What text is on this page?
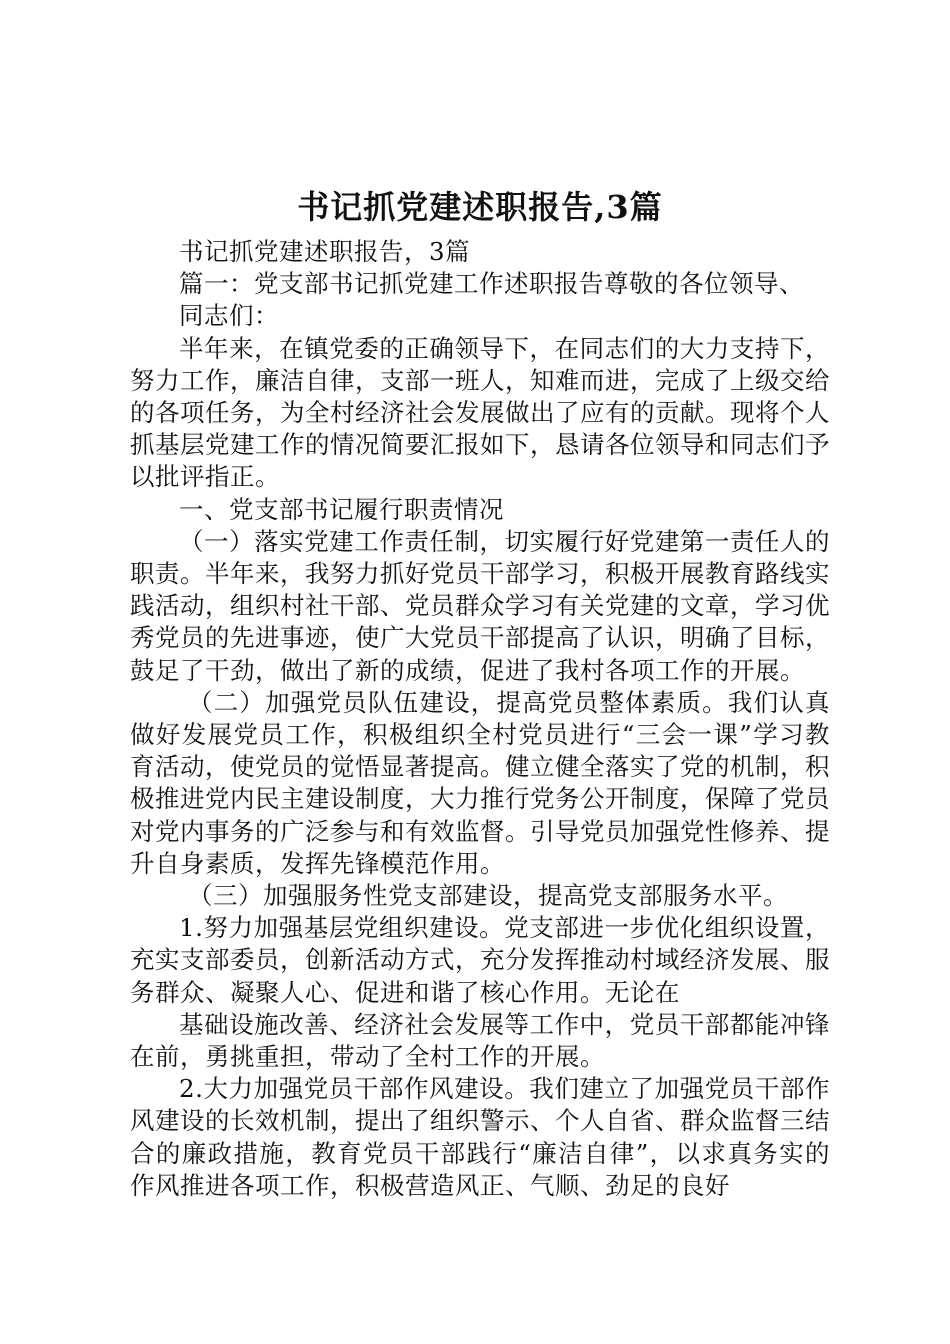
书记抓党建述职报告,3篇

书记抓党建述职报告，3篇

篇一：党支部书记抓党建工作述职报告尊敬的各位领导、

同志们：

半年来，在镇党委的正确领导下，在同志们的大力支持下，努力工作，廉洁自律，支部一班人，知难而进，完成了上级交给的各项任务，为全村经济社会发展做出了应有的贡献。现将个人抓基层党建工作的情况简要汇报如下，恳请各位领导和同志们予以批评指正。

一、党支部书记履行职责情况

（一）落实党建工作责任制，切实履行好党建第一责任人的职责。半年来，我努力抓好党员干部学习，积极开展教育路线实践活动，组织村社干部、党员群众学习有关党建的文章，学习优秀党员的先进事迹，使广大党员干部提高了认识，明确了目标，鼓足了干劲，做出了新的成绩，促进了我村各项工作的开展。

（二）加强党员队伍建设，提高党员整体素质。我们认真做好发展党员工作，积极组织全村党员进行“三会一课”学习教育活动，使党员的觉悟显著提高。健立健全落实了党的机制，积极推进党内民主建设制度，大力推行党务公开制度，保障了党员对党内事务的广泛参与和有效监督。引导党员加强党性修养、提升自身素质，发挥先锋模范作用。

（三）加强服务性党支部建设，提高党支部服务水平。

1.努力加强基层党组织建设。党支部进一步优化组织设置，充实支部委员，创新活动方式，充分发挥推动村域经济发展、服务群众、凝聚人心、促进和谐了核心作用。无论在

基础设施改善、经济社会发展等工作中，党员干部都能冲锋在前，勇挑重担，带动了全村工作的开展。

2.大力加强党员干部作风建设。我们建立了加强党员干部作风建设的长效机制，提出了组织警示、个人自省、群众监督三结合的廉政措施，教育党员干部践行“廉洁自律”，以求真务实的作风推进各项工作，积极营造风正、气顺、劲足的良好
